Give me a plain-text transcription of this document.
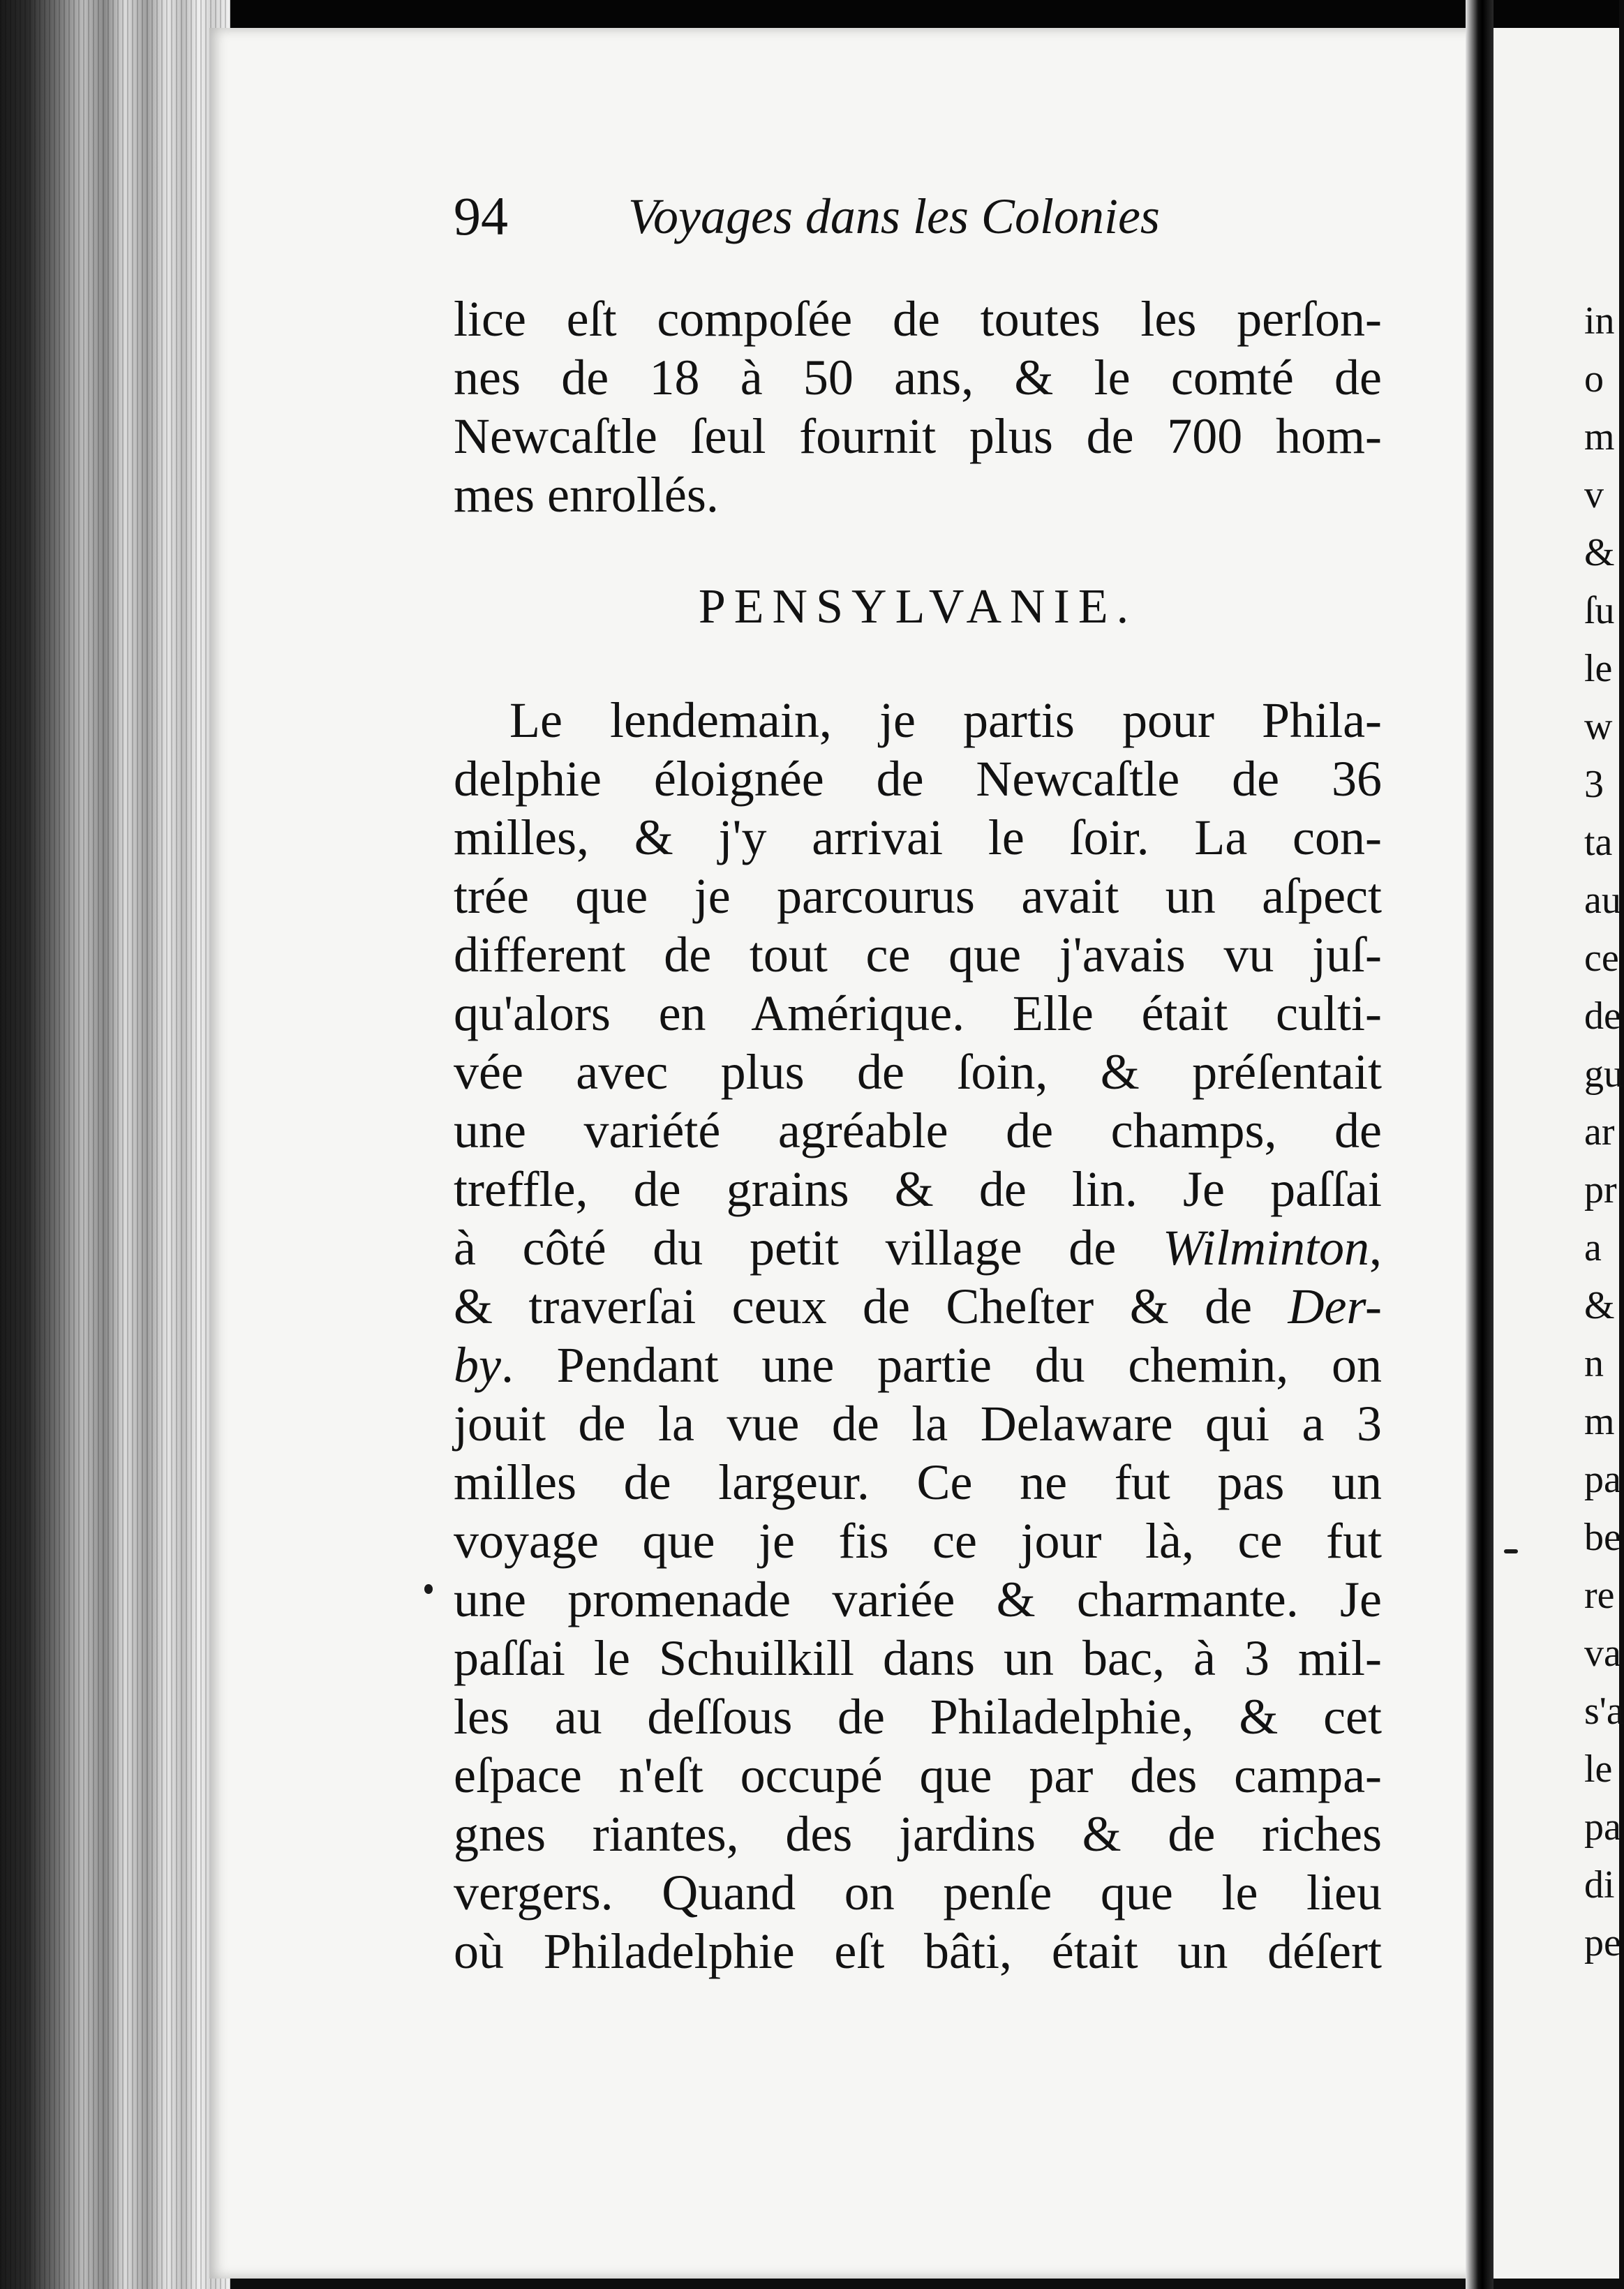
in
o
m
v
&
ſu
le
w
3
ta
au
ce
de
gu
ar
pr
a
&
n
m
pa
be
re
va
s'a
le
pa
di
pe
94 Voyages dans les Colonies
lice eſt compoſée de toutes les perſon-
nes de 18 à 50 ans, & le comté de
Newcaſtle ſeul fournit plus de 700 hom-
mes enrollés.
PENSYLVANIE.
Le lendemain, je partis pour Phila-
delphie éloignée de Newcaſtle de 36
milles, & j'y arrivai le ſoir. La con-
trée que je parcourus avait un aſpect
different de tout ce que j'avais vu juſ-
qu'alors en Amérique. Elle était culti-
vée avec plus de ſoin, & préſentait
une variété agréable de champs, de
treffle, de grains & de lin. Je paſſai
à côté du petit village de Wilminton,
& traverſai ceux de Cheſter & de Der-
by. Pendant une partie du chemin, on
jouit de la vue de la Delaware qui a 3
milles de largeur. Ce ne fut pas un
voyage que je fis ce jour là, ce fut
une promenade variée & charmante. Je
paſſai le Schuilkill dans un bac, à 3 mil-
les au deſſous de Philadelphie, & cet
eſpace n'eſt occupé que par des campa-
gnes riantes, des jardins & de riches
vergers. Quand on penſe que le lieu
où Philadelphie eſt bâti, était un déſert
